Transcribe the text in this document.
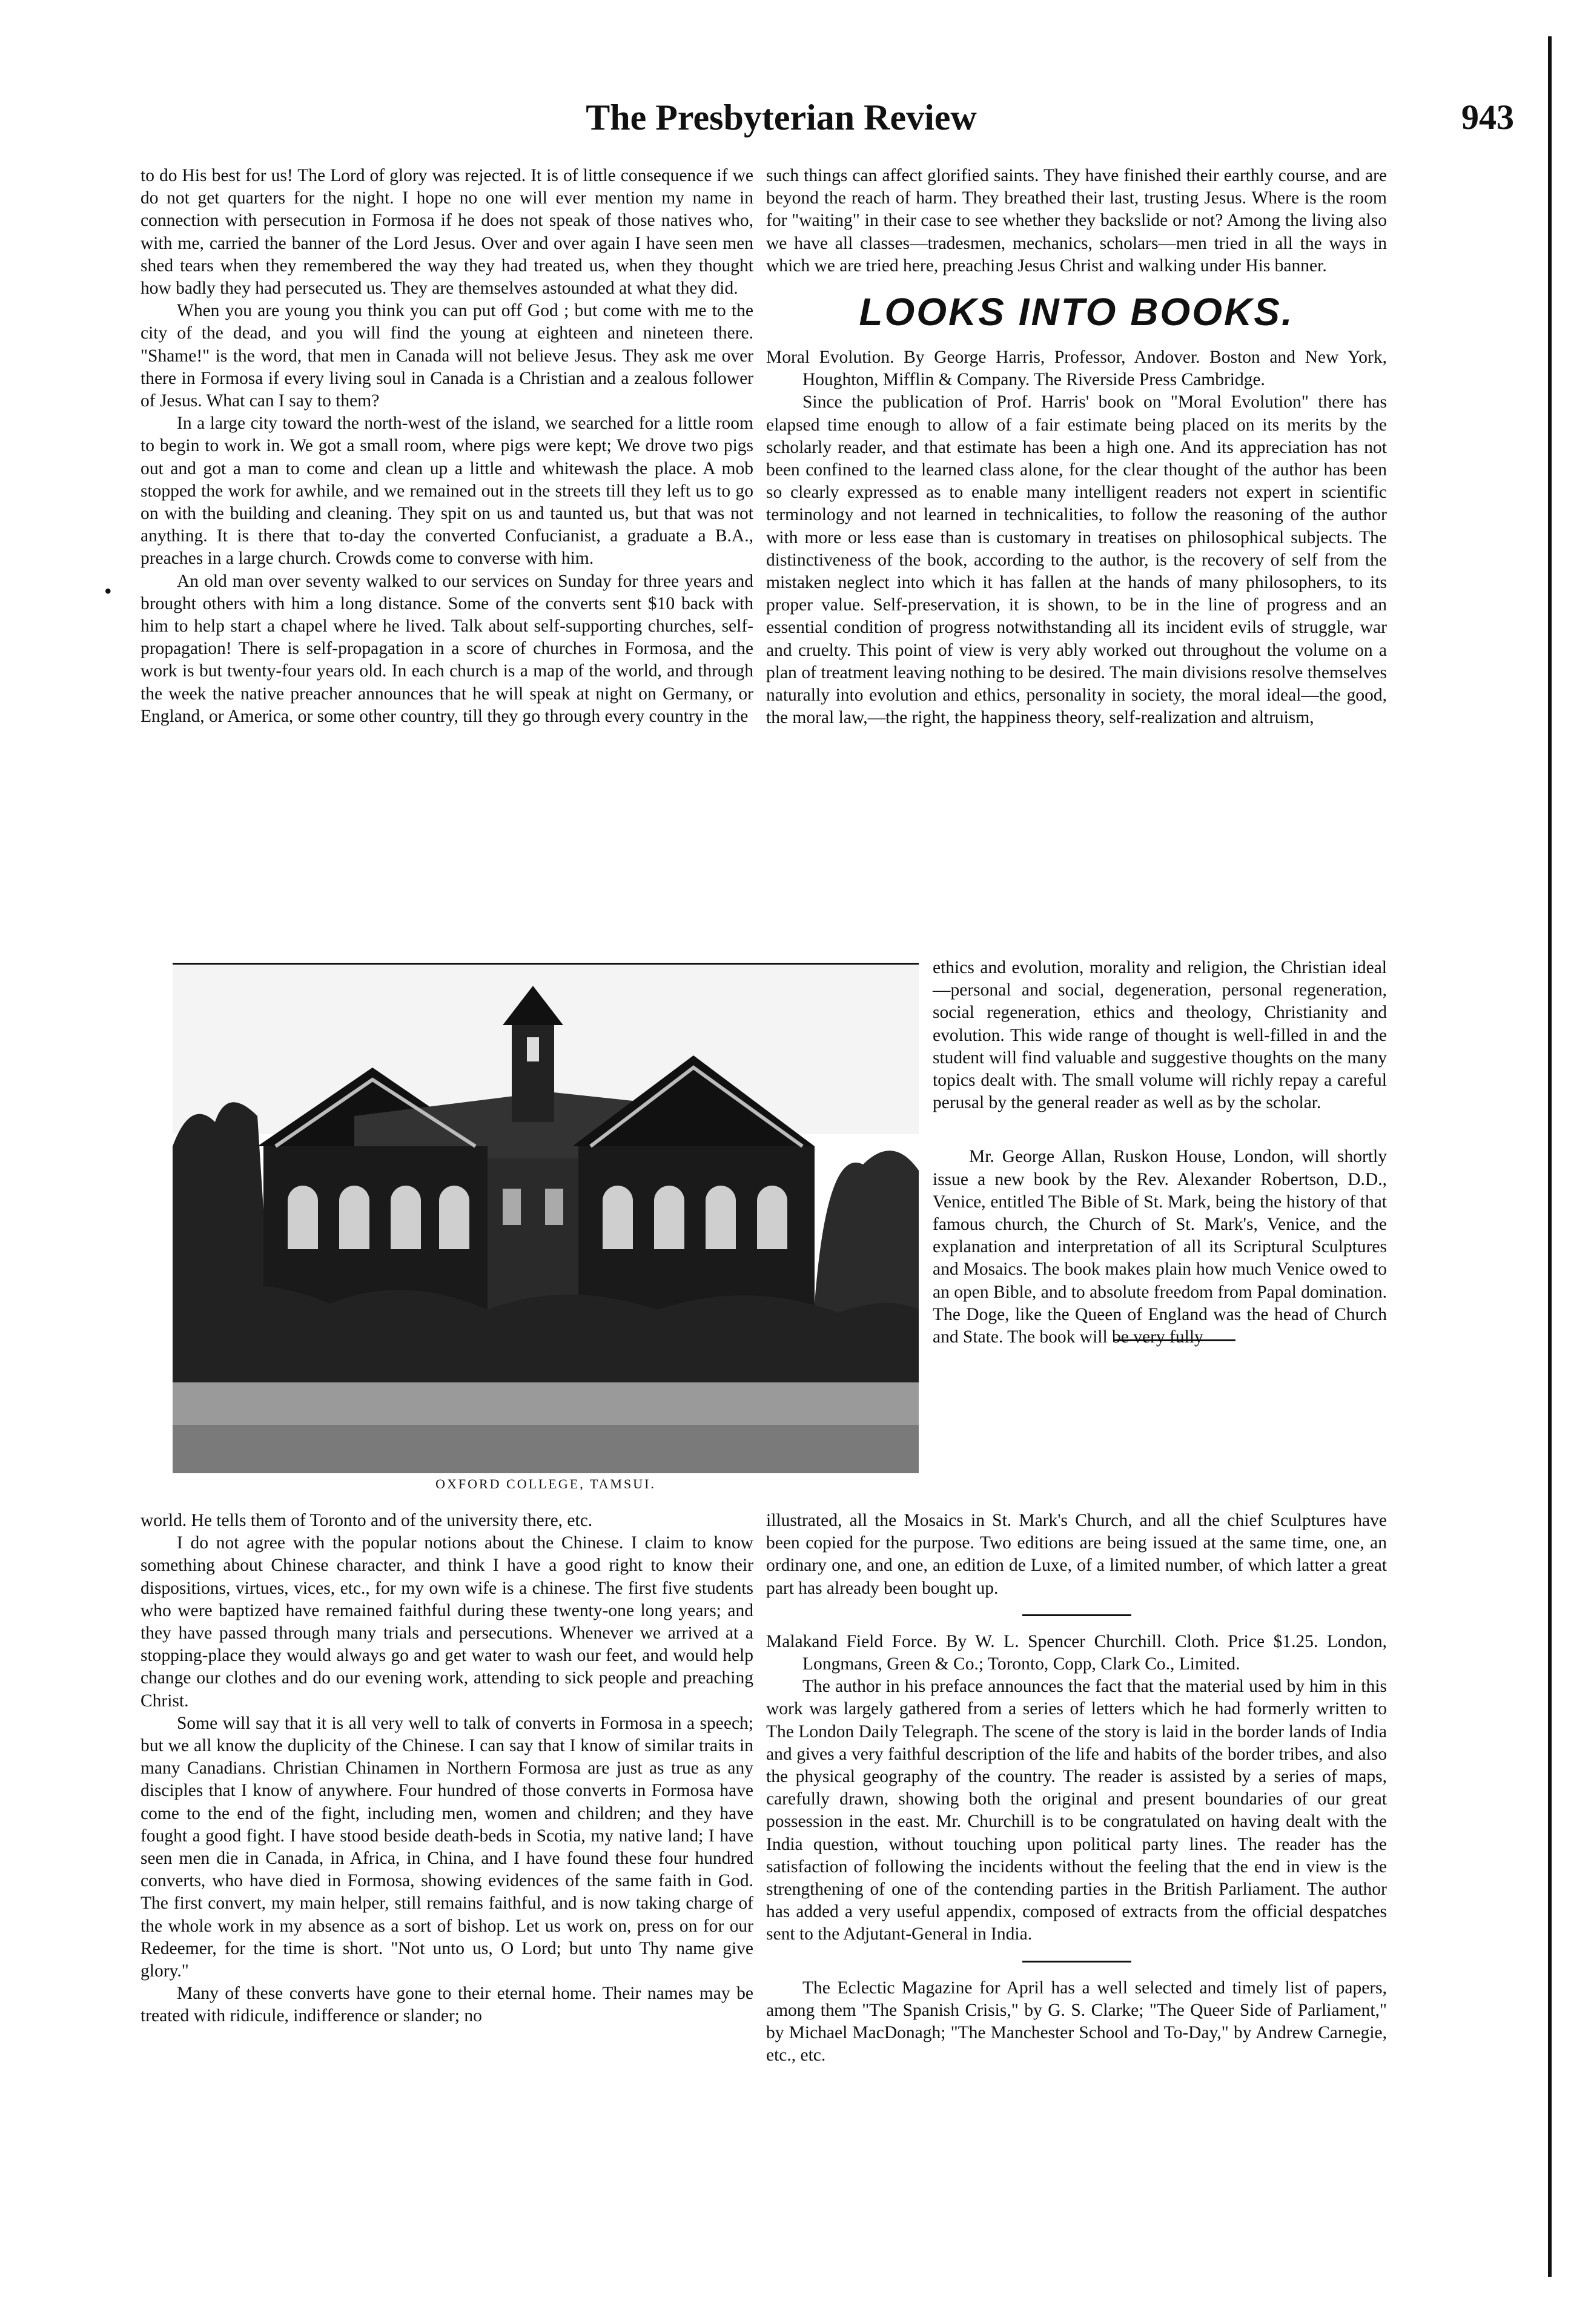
The Presbyterian Review	943
•

to do His best for us! The Lord of glory was rejected. It is of little consequence if we do not get quarters for the night. I hope no one will ever mention my name in connection with persecution in Formosa if he does not speak of those natives who, with me, carried the banner of the Lord Jesus. Over and over again I have seen men shed tears when they remembered the way they had treated us, when they thought how badly they had persecuted us. They are themselves astounded at what they did.

When you are young you think you can put off God ; but come with me to the city of the dead, and you will find the young at eighteen and nineteen there. "Shame!" is the word, that men in Canada will not believe Jesus. They ask me over there in Formosa if every living soul in Canada is a Christian and a zealous follower of Jesus. What can I say to them?

In a large city toward the north-west of the island, we searched for a little room to begin to work in. We got a small room, where pigs were kept; We drove two pigs out and got a man to come and clean up a little and whitewash the place. A mob stopped the work for awhile, and we remained out in the streets till they left us to go on with the building and cleaning. They spit on us and taunted us, but that was not anything. It is there that to-day the converted Confucianist, a graduate a B.A., preaches in a large church. Crowds come to converse with him.

An old man over seventy walked to our services on Sunday for three years and brought others with him a long distance. Some of the converts sent $10 back with him to help start a chapel where he lived. Talk about self-supporting churches, self-propagation! There is self-propagation in a score of churches in Formosa, and the work is but twenty-four years old. In each church is a map of the world, and through the week the native preacher announces that he will speak at night on Germany, or England, or America, or some other country, till they go through every country in the

OXFORD COLLEGE, TAMSUI.

world. He tells them of Toronto and of the university there, etc.

I do not agree with the popular notions about the Chinese. I claim to know something about Chinese character, and think I have a good right to know their dispositions, virtues, vices, etc., for my own wife is a chinese. The first five students who were baptized have remained faithful during these twenty-one long years; and they have passed through many trials and persecutions. Whenever we arrived at a stopping-place they would always go and get water to wash our feet, and would help change our clothes and do our evening work, attending to sick people and preaching Christ.

Some will say that it is all very well to talk of converts in Formosa in a speech; but we all know the duplicity of the Chinese. I can say that I know of similar traits in many Canadians. Christian Chinamen in Northern Formosa are just as true as any disciples that I know of anywhere. Four hundred of those converts in Formosa have come to the end of the fight, including men, women and children; and they have fought a good fight. I have stood beside death-beds in Scotia, my native land; I have seen men die in Canada, in Africa, in China, and I have found these four hundred converts, who have died in Formosa, showing evidences of the same faith in God. The first convert, my main helper, still remains faithful, and is now taking charge of the whole work in my absence as a sort of bishop. Let us work on, press on for our Redeemer, for the time is short. "Not unto us, O Lord; but unto Thy name give glory."

Many of these converts have gone to their eternal home. Their names may be treated with ridicule, indifference or slander; no

such things can affect glorified saints. They have finished their earthly course, and are beyond the reach of harm. They breathed their last, trusting Jesus. Where is the room for "waiting" in their case to see whether they backslide or not? Among the living also we have all classes—tradesmen, mechanics, scholars—men tried in all the ways in which we are tried here, preaching Jesus Christ and walking under His banner.

LOOKS INTO BOOKS.

Moral Evolution. By George Harris, Professor, Andover. Boston and New York, Houghton, Mifflin & Company. The Riverside Press Cambridge.

Since the publication of Prof. Harris' book on "Moral Evolution" there has elapsed time enough to allow of a fair estimate being placed on its merits by the scholarly reader, and that estimate has been a high one. And its appreciation has not been confined to the learned class alone, for the clear thought of the author has been so clearly expressed as to enable many intelligent readers not expert in scientific terminology and not learned in technicalities, to follow the reasoning of the author with more or less ease than is customary in treatises on philosophical subjects. The distinctiveness of the book, according to the author, is the recovery of self from the mistaken neglect into which it has fallen at the hands of many philosophers, to its proper value. Self-preservation, it is shown, to be in the line of progress and an essential condition of progress notwithstanding all its incident evils of struggle, war and cruelty. This point of view is very ably worked out throughout the volume on a plan of treatment leaving nothing to be desired. The main divisions resolve themselves naturally into evolution and ethics, personality in society, the moral ideal—the good, the moral law,—the right, the happiness theory, self-realization and altruism,

ethics and evolution, morality and religion, the Christian ideal—personal and social, degeneration, personal regeneration, social regeneration, ethics and theology, Christianity and evolution. This wide range of thought is well-filled in and the student will find valuable and suggestive thoughts on the many topics dealt with. The small volume will richly repay a careful perusal by the general reader as well as by the scholar.

Mr. George Allan, Ruskon House, London, will shortly issue a new book by the Rev. Alexander Robertson, D.D., Venice, entitled The Bible of St. Mark, being the history of that famous church, the Church of St. Mark's, Venice, and the explanation and interpretation of all its Scriptural Sculptures and Mosaics. The book makes plain how much Venice owed to an open Bible, and to absolute freedom from Papal domination. The Doge, like the Queen of England was the head of Church and State. The book will be very fully

illustrated, all the Mosaics in St. Mark's Church, and all the chief Sculptures have been copied for the purpose. Two editions are being issued at the same time, one, an ordinary one, and one, an edition de Luxe, of a limited number, of which latter a great part has already been bought up.

Malakand Field Force. By W. L. Spencer Churchill. Cloth. Price $1.25. London, Longmans, Green & Co.; Toronto, Copp, Clark Co., Limited.

The author in his preface announces the fact that the material used by him in this work was largely gathered from a series of letters which he had formerly written to The London Daily Telegraph. The scene of the story is laid in the border lands of India and gives a very faithful description of the life and habits of the border tribes, and also the physical geography of the country. The reader is assisted by a series of maps, carefully drawn, showing both the original and present boundaries of our great possession in the east. Mr. Churchill is to be congratulated on having dealt with the India question, without touching upon political party lines. The reader has the satisfaction of following the incidents without the feeling that the end in view is the strengthening of one of the contending parties in the British Parliament. The author has added a very useful appendix, composed of extracts from the official despatches sent to the Adjutant-General in India.

The Eclectic Magazine for April has a well selected and timely list of papers, among them "The Spanish Crisis," by G. S. Clarke; "The Queer Side of Parliament," by Michael MacDonagh; "The Manchester School and To-Day," by Andrew Carnegie, etc., etc.
